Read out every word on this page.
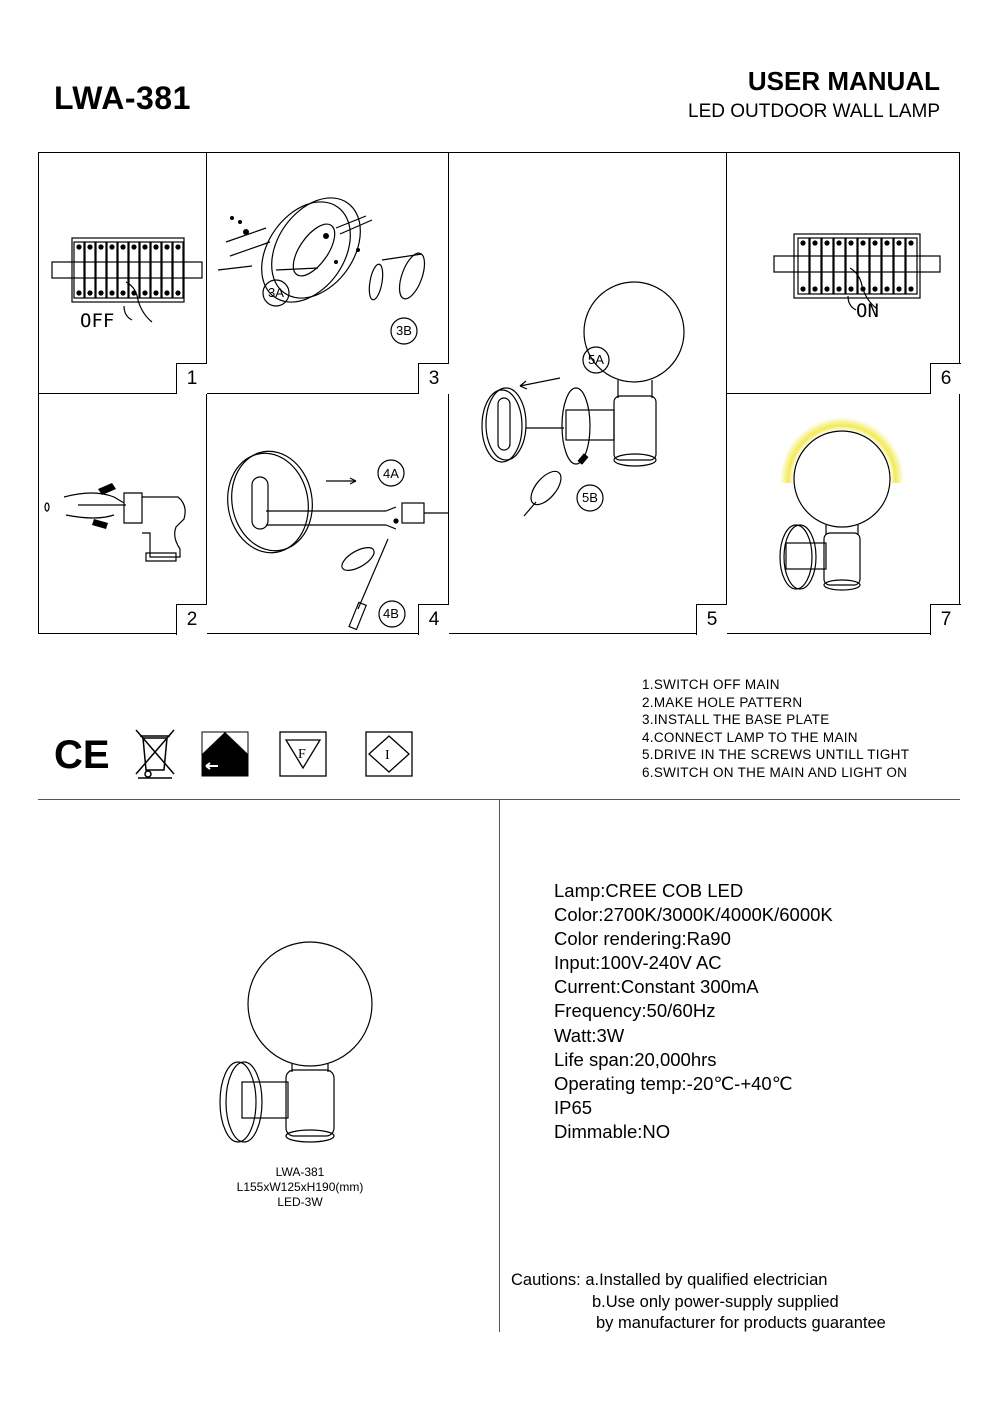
LWA-381	USER MANUAL
LED OUTDOOR WALL LAMP
OFF
1
2
3A
3B
3
4B
4A
4
5A
5B
5
ON
6
7
CE	F	I
1.SWITCH OFF MAIN
2.MAKE HOLE PATTERN
3.INSTALL THE BASE PLATE
4.CONNECT LAMP TO THE MAIN
5.DRIVE IN THE SCREWS UNTILL TIGHT
6.SWITCH ON THE MAIN AND LIGHT ON
LWA-381
L155xW125xH190(mm)
LED-3W
Lamp:CREE COB LED
Color:2700K/3000K/4000K/6000K
Color rendering:Ra90
Input:100V-240V AC
Current:Constant 300mA
Frequency:50/60Hz
Watt:3W
Life span:20,000hrs
Operating temp:-20℃-+40℃
IP65
Dimmable:NO
Cautions: a.Installed by qualified electrician
b.Use only power-supply supplied
by manufacturer for products guarantee
